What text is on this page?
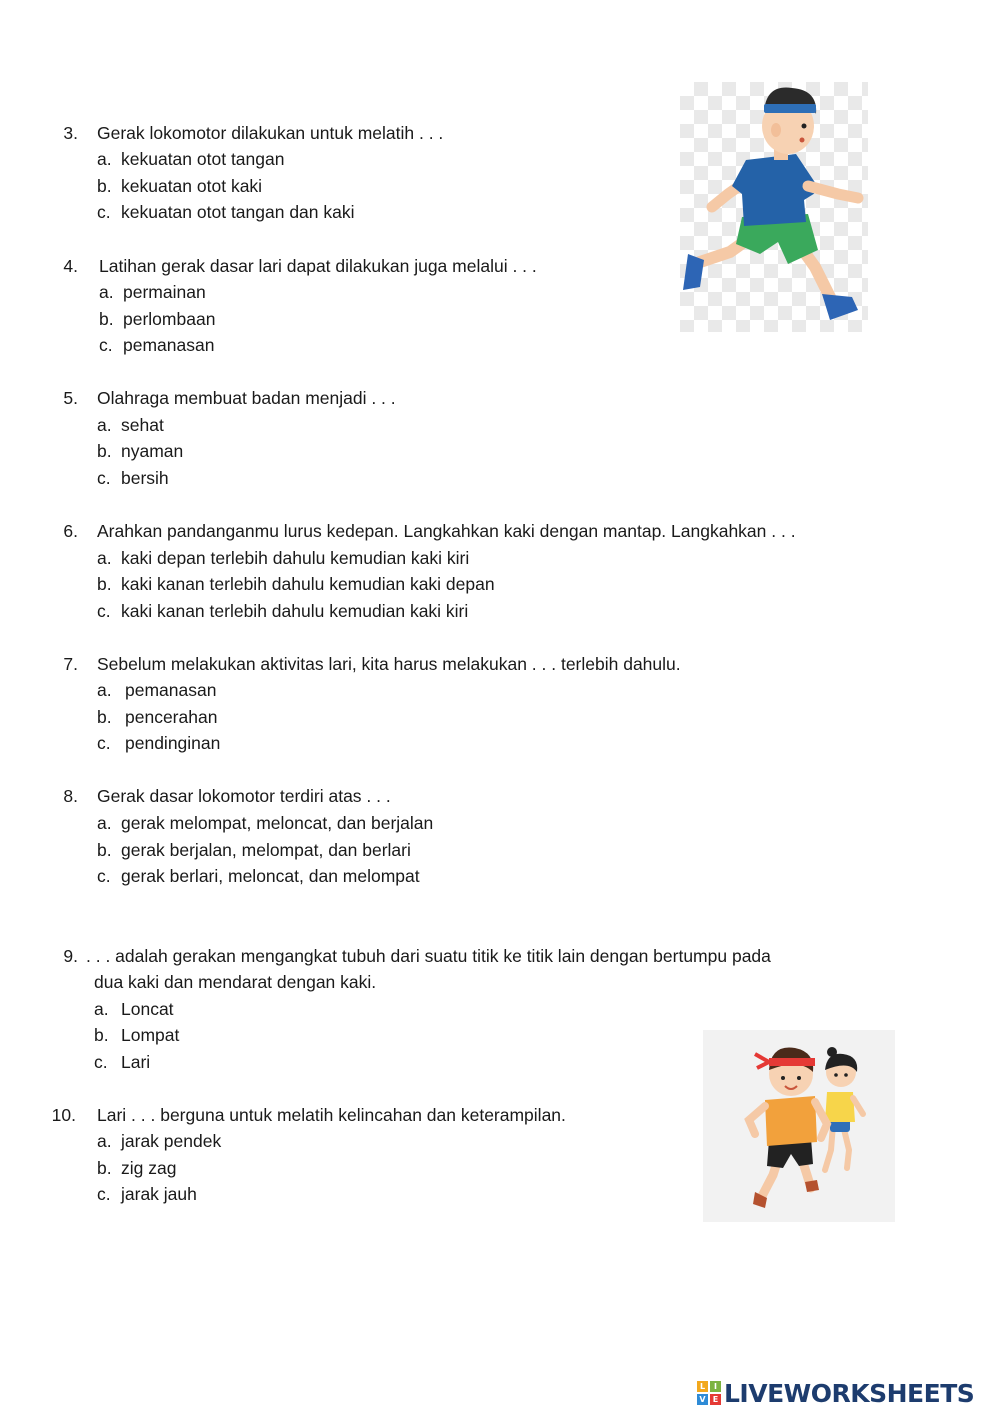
3. Gerak lokomotor dilakukan untuk melatih . . .
a. kekuatan otot tangan
b. kekuatan otot kaki
c. kekuatan otot tangan dan kaki
4. Latihan gerak dasar lari dapat dilakukan juga melalui . . .
a. permainan
b. perlombaan
c. pemanasan
5. Olahraga membuat badan menjadi . . .
a. sehat
b. nyaman
c. bersih
6. Arahkan pandanganmu lurus kedepan. Langkahkan kaki dengan mantap. Langkahkan . . .
a. kaki depan terlebih dahulu kemudian kaki kiri
b. kaki kanan terlebih dahulu kemudian kaki depan
c. kaki kanan terlebih dahulu kemudian kaki kiri
7. Sebelum melakukan aktivitas lari, kita harus melakukan . . . terlebih dahulu.
a. pemanasan
b. pencerahan
c. pendinginan
8. Gerak dasar lokomotor terdiri atas . . .
a. gerak melompat, meloncat, dan berjalan
b. gerak berjalan, melompat, dan berlari
c. gerak berlari, meloncat, dan melompat
9. . . . adalah gerakan mengangkat tubuh dari suatu titik ke titik lain dengan bertumpu pada
dua kaki dan mendarat dengan kaki.
a. Loncat
b. Lompat
c. Lari
10. Lari . . . berguna untuk melatih kelincahan dan keterampilan.
a. jarak pendek
b. zig zag
c. jarak jauh
L	I
V E LIVEWORKSHEETS
